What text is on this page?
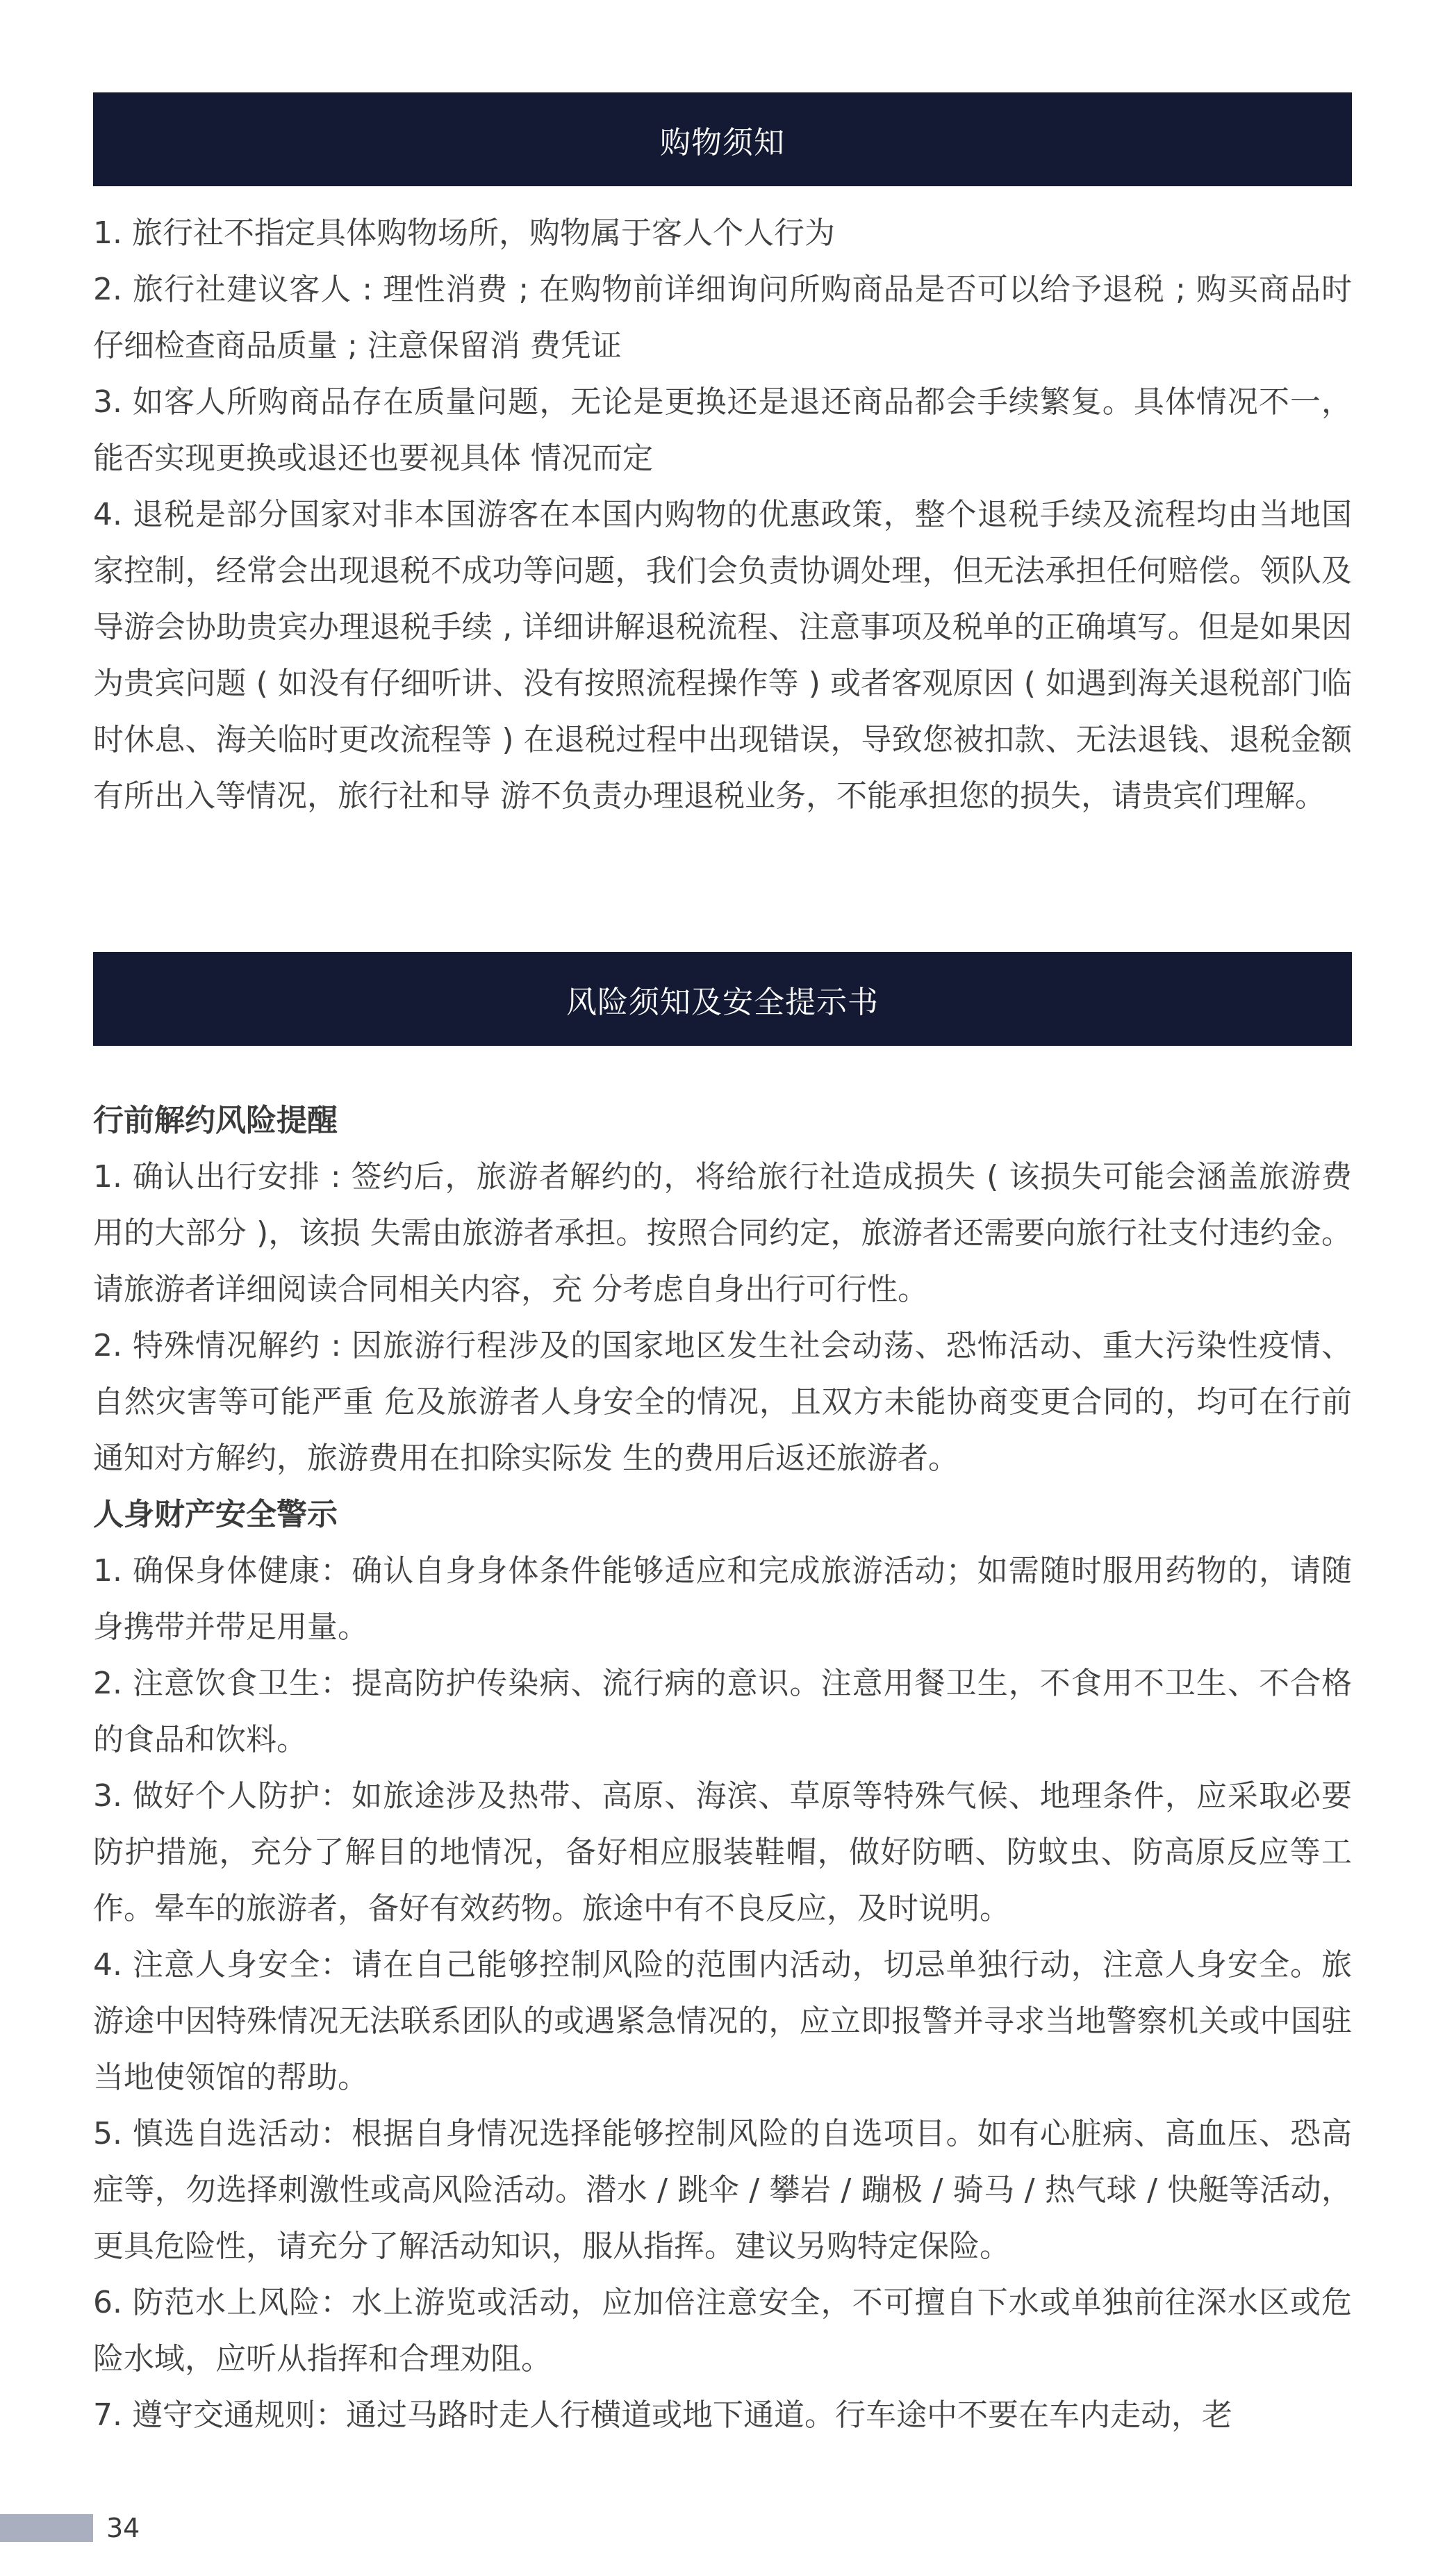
购物须知

1. 旅行社不指定具体购物场所，购物属于客人个人行为

2. 旅行社建议客人 : 理性消费 ; 在购物前详细询问所购商品是否可以给予退税 ; 购买商品时仔细检查商品质量 ; 注意保留消 费凭证

3. 如客人所购商品存在质量问题，无论是更换还是退还商品都会手续繁复。具体情况不一，能否实现更换或退还也要视具体 情况而定

4. 退税是部分国家对非本国游客在本国内购物的优惠政策，整个退税手续及流程均由当地国家控制，经常会出现退税不成功等问题，我们会负责协调处理，但无法承担任何赔偿。领队及导游会协助贵宾办理退税手续 , 详细讲解退税流程、注意事项及税单的正确填写。但是如果因为贵宾问题 ( 如没有仔细听讲、没有按照流程操作等 ) 或者客观原因 ( 如遇到海关退税部门临 时休息、海关临时更改流程等 ) 在退税过程中出现错误，导致您被扣款、无法退钱、退税金额有所出入等情况，旅行社和导 游不负责办理退税业务，不能承担您的损失，请贵宾们理解。

风险须知及安全提示书

行前解约风险提醒

1. 确认出行安排 : 签约后，旅游者解约的，将给旅行社造成损失 ( 该损失可能会涵盖旅游费用的大部分 )，该损 失需由旅游者承担。按照合同约定，旅游者还需要向旅行社支付违约金。请旅游者详细阅读合同相关内容，充 分考虑自身出行可行性。

2. 特殊情况解约 : 因旅游行程涉及的国家地区发生社会动荡、恐怖活动、重大污染性疫情、自然灾害等可能严重 危及旅游者人身安全的情况，且双方未能协商变更合同的，均可在行前通知对方解约，旅游费用在扣除实际发 生的费用后返还旅游者。

人身财产安全警示

1. 确保身体健康：确认自身身体条件能够适应和完成旅游活动；如需随时服用药物的，请随身携带并带足用量。

2. 注意饮食卫生：提高防护传染病、流行病的意识。注意用餐卫生，不食用不卫生、不合格的食品和饮料。

3. 做好个人防护：如旅途涉及热带、高原、海滨、草原等特殊气候、地理条件，应采取必要防护措施，充分了解目的地情况，备好相应服装鞋帽，做好防晒、防蚊虫、防高原反应等工作。晕车的旅游者，备好有效药物。旅途中有不良反应，及时说明。

4. 注意人身安全：请在自己能够控制风险的范围内活动，切忌单独行动，注意人身安全。旅游途中因特殊情况无法联系团队的或遇紧急情况的，应立即报警并寻求当地警察机关或中国驻当地使领馆的帮助。

5. 慎选自选活动：根据自身情况选择能够控制风险的自选项目。如有心脏病、高血压、恐高症等，勿选择刺激性或高风险活动。潜水 / 跳伞 / 攀岩 / 蹦极 / 骑马 / 热气球 / 快艇等活动，更具危险性，请充分了解活动知识，服从指挥。建议另购特定保险。

6. 防范水上风险：水上游览或活动，应加倍注意安全，不可擅自下水或单独前往深水区或危险水域，应听从指挥和合理劝阻。

7. 遵守交通规则：通过马路时走人行横道或地下通道。行车途中不要在车内走动，老

34
